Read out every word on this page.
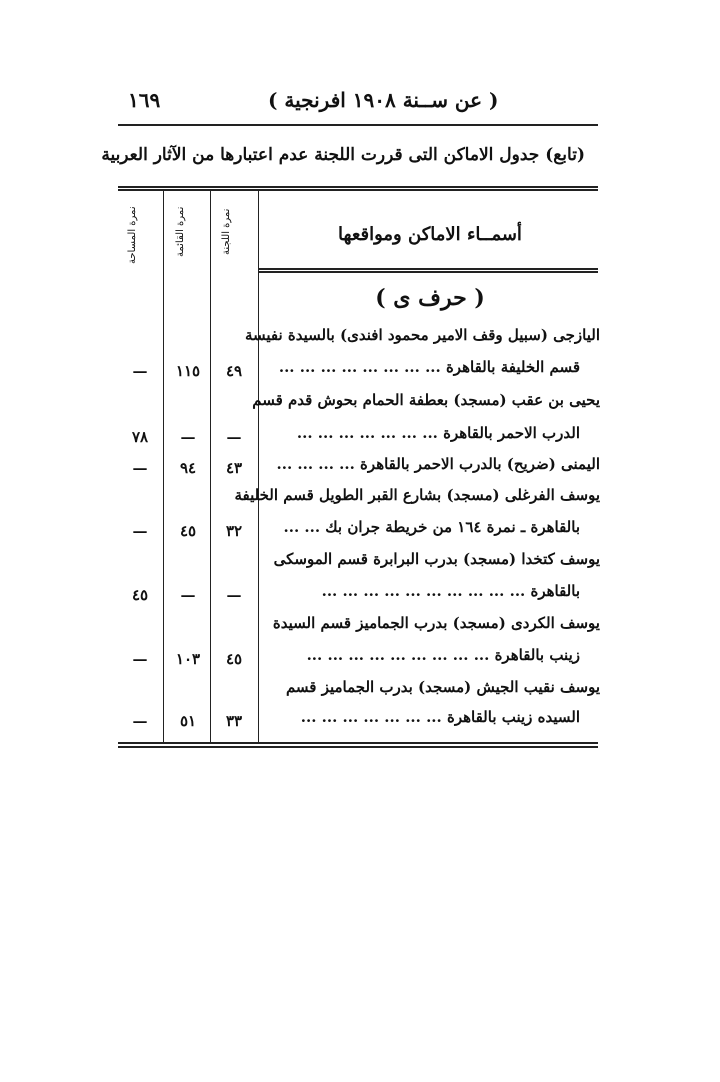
١٦٩	( عن ســنة ١٩٠٨ افرنجية )
(تابع) جدول الاماكن التى قررت اللجنة عدم اعتبارها من الآثار العربية
أسمــاء الاماكن ومواقعها
نمرة اللجنة
نمرة القائمة
نمرة المساحة
( حرف ى )
اليازجى (سبيل وقف الامير محمود افندى) بالسيدة نفيسة
قسم الخليفة بالقاهرة ... ... ... ... ... ... ... ...
٤٩
١١٥
—
يحيى بن عقب (مسجد) بعطفة الحمام بحوش قدم قسم
الدرب الاحمر بالقاهرة ... ... ... ... ... ... ...
—
—
٧٨
اليمنى (ضريح) بالدرب الاحمر بالقاهرة ... ... ... ...
٤٣
٩٤
—
يوسف الفرغلى (مسجد) بشارع القبر الطويل قسم الخليفة
بالقاهرة ـ نمرة ١٦٤ من خريطة جران بك ... ...
٣٢
٤٥
—
يوسف كتخدا (مسجد) بدرب البرابرة قسم الموسكى
بالقاهرة ... ... ... ... ... ... ... ... ... ...
—
—
٤٥
يوسف الكردى (مسجد) بدرب الجماميز قسم السيدة
زينب بالقاهرة ... ... ... ... ... ... ... ... ...
٤٥
١٠٣
—
يوسف نقيب الجيش (مسجد) بدرب الجماميز قسم
السيده زينب بالقاهرة ... ... ... ... ... ... ...
٣٣
٥١
—
